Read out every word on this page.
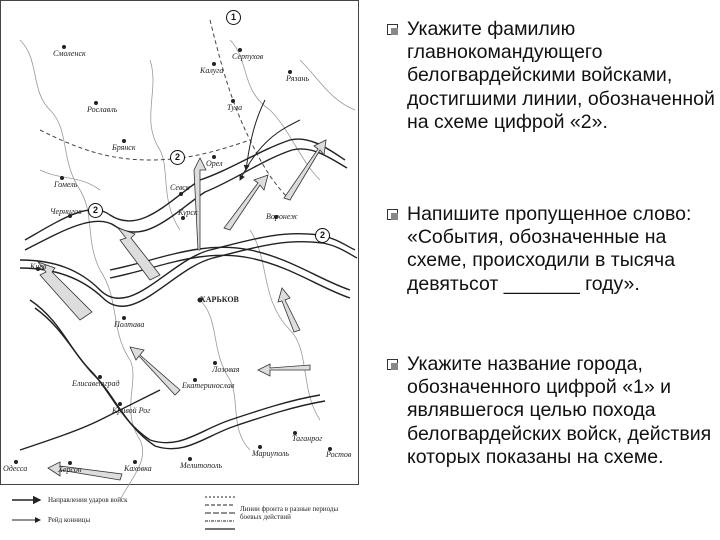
1
2
2
2
Смоленск	Серпухов
Калуга
Рязань
Рославль	Тула
Брянск
Орел
Гомель	Севск
Чернигов	Курск	Воронеж
Киев
ХАРЬКОВ
Полтава
Лозовая
Екатеринослав
Елисаветград
Кривой Рог
Таганрог
Мариуполь	Ростов
Мелитополь
Каховка
Одесса	Херсон
Направления ударов войск
Рейд конницы
Линии фронта в разные периоды боевых действий
Укажите фамилию главнокомандующего белогвардейскими войсками, достигшими линии, обозначенной на схеме цифрой «2».
Напишите пропущенное слово: «События, обозначенные на схеме, происходили в тысяча девятьсот _______ году».
Укажите название города, обозначенного цифрой «1» и являвшегося целью похода белогвардейских войск, действия которых показаны на схеме.
